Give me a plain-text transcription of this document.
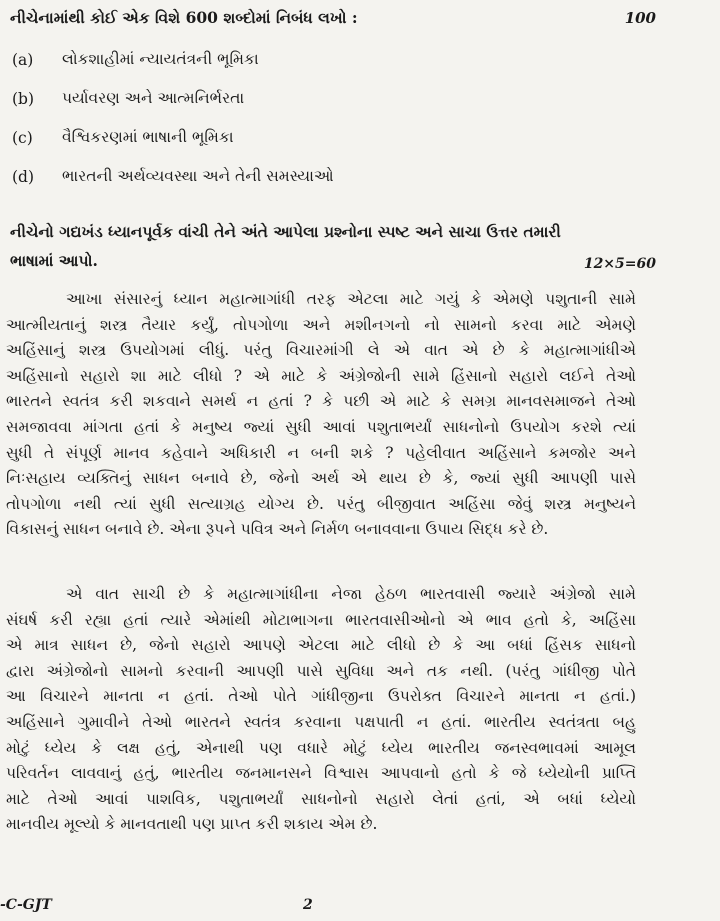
નીચેનામાંથી કોઈ એક વિશે 600 શબ્દોમાં નિબંધ લખો :	100
(a)	લોકશાહીમાં ન્યાયતંત્રની ભૂમિકા
(b)	પર્યાવરણ અને આત્મનિર્ભરતા
(c)	વૈશ્વિકરણમાં ભાષાની ભૂમિકા
(d)	ભારતની અર્થવ્યવસ્થા અને તેની સમસ્યાઓ
નીચેનો ગદ્યખંડ ધ્યાનપૂર્વક વાંચી તેને અંતે આપેલા પ્રશ્નોના સ્પષ્ટ અને સાચા ઉત્તર તમારી
ભાષામાં આપો.	12×5=60

આખા સંસારનું ધ્યાન મહાત્માગાંધી તરફ એટલા માટે ગયું કે એમણે પશુતાની સામે
આત્મીયતાનું શસ્ત્ર તૈયાર કર્યું, તોપગોળા અને મશીનગનો નો સામનો કરવા માટે એમણે
અહિંસાનું શસ્ત્ર ઉપયોગમાં લીધું. પરંતુ વિચારમાંગી લે એ વાત એ છે કે મહાત્માગાંધીએ
અહિંસાનો સહારો શા માટે લીધો ? એ માટે કે અંગ્રેજોની સામે હિંસાનો સહારો લઈને તેઓ
ભારતને સ્વતંત્ર કરી શકવાને સમર્થ ન હતાં ? કે પછી એ માટે કે સમગ્ર માનવસમાજને તેઓ
સમજાવવા માંગતા હતાં કે મનુષ્ય જ્યાં સુધી આવાં પશુતાભર્યાં સાધનોનો ઉપયોગ કરશે ત્યાં
સુધી તે સંપૂર્ણ માનવ કહેવાને અધિકારી ન બની શકે ? પહેલીવાત અહિંસાને કમજોર અને
નિઃસહાય વ્યક્તિનું સાધન બનાવે છે, જેનો અર્થ એ થાય છે કે, જ્યાં સુધી આપણી પાસે
તોપગોળા નથી ત્યાં સુધી સત્યાગ્રહ યોગ્ય છે. પરંતુ બીજીવાત અહિંસા જેવું શસ્ત્ર મનુષ્યને
વિકાસનું સાધન બનાવે છે. એના રૂપને પવિત્ર અને નિર્મળ બનાવવાના ઉપાય સિદ્ધ કરે છે.

એ વાત સાચી છે કે મહાત્માગાંધીના નેજા હેઠળ ભારતવાસી જ્યારે અંગ્રેજો સામે
સંઘર્ષ કરી રહ્યા હતાં ત્યારે એમાંથી મોટાભાગના ભારતવાસીઓનો એ ભાવ હતો કે, અહિંસા
એ માત્ર સાધન છે, જેનો સહારો આપણે એટલા માટે લીધો છે કે આ બધાં હિંસક સાધનો
દ્વારા અંગ્રેજોનો સામનો કરવાની આપણી પાસે સુવિધા અને તક નથી. (પરંતુ ગાંધીજી પોતે
આ વિચારને માનતા ન હતાં. તેઓ પોતે ગાંધીજીના ઉપરોક્ત વિચારને માનતા ન હતાં.)
અહિંસાને ગુમાવીને તેઓ ભારતને સ્વતંત્ર કરવાના પક્ષપાતી ન હતાં. ભારતીય સ્વતંત્રતા બહુ
મોટું ધ્યેય કે લક્ષ હતું, એનાથી પણ વધારે મોટું ધ્યેય ભારતીય જનસ્વભાવમાં આમૂલ
પરિવર્તન લાવવાનું હતું, ભારતીય જનમાનસને વિશ્વાસ આપવાનો હતો કે જે ધ્યેયોની પ્રાપ્તિ
માટે તેઓ આવાં પાશવિક, પશુતાભર્યાં સાધનોનો સહારો લેતાં હતાં, એ બધાં ધ્યેયો
માનવીય મૂલ્યો કે માનવતાથી પણ પ્રાપ્ત કરી શકાય એમ છે.

-C-GJT	2
